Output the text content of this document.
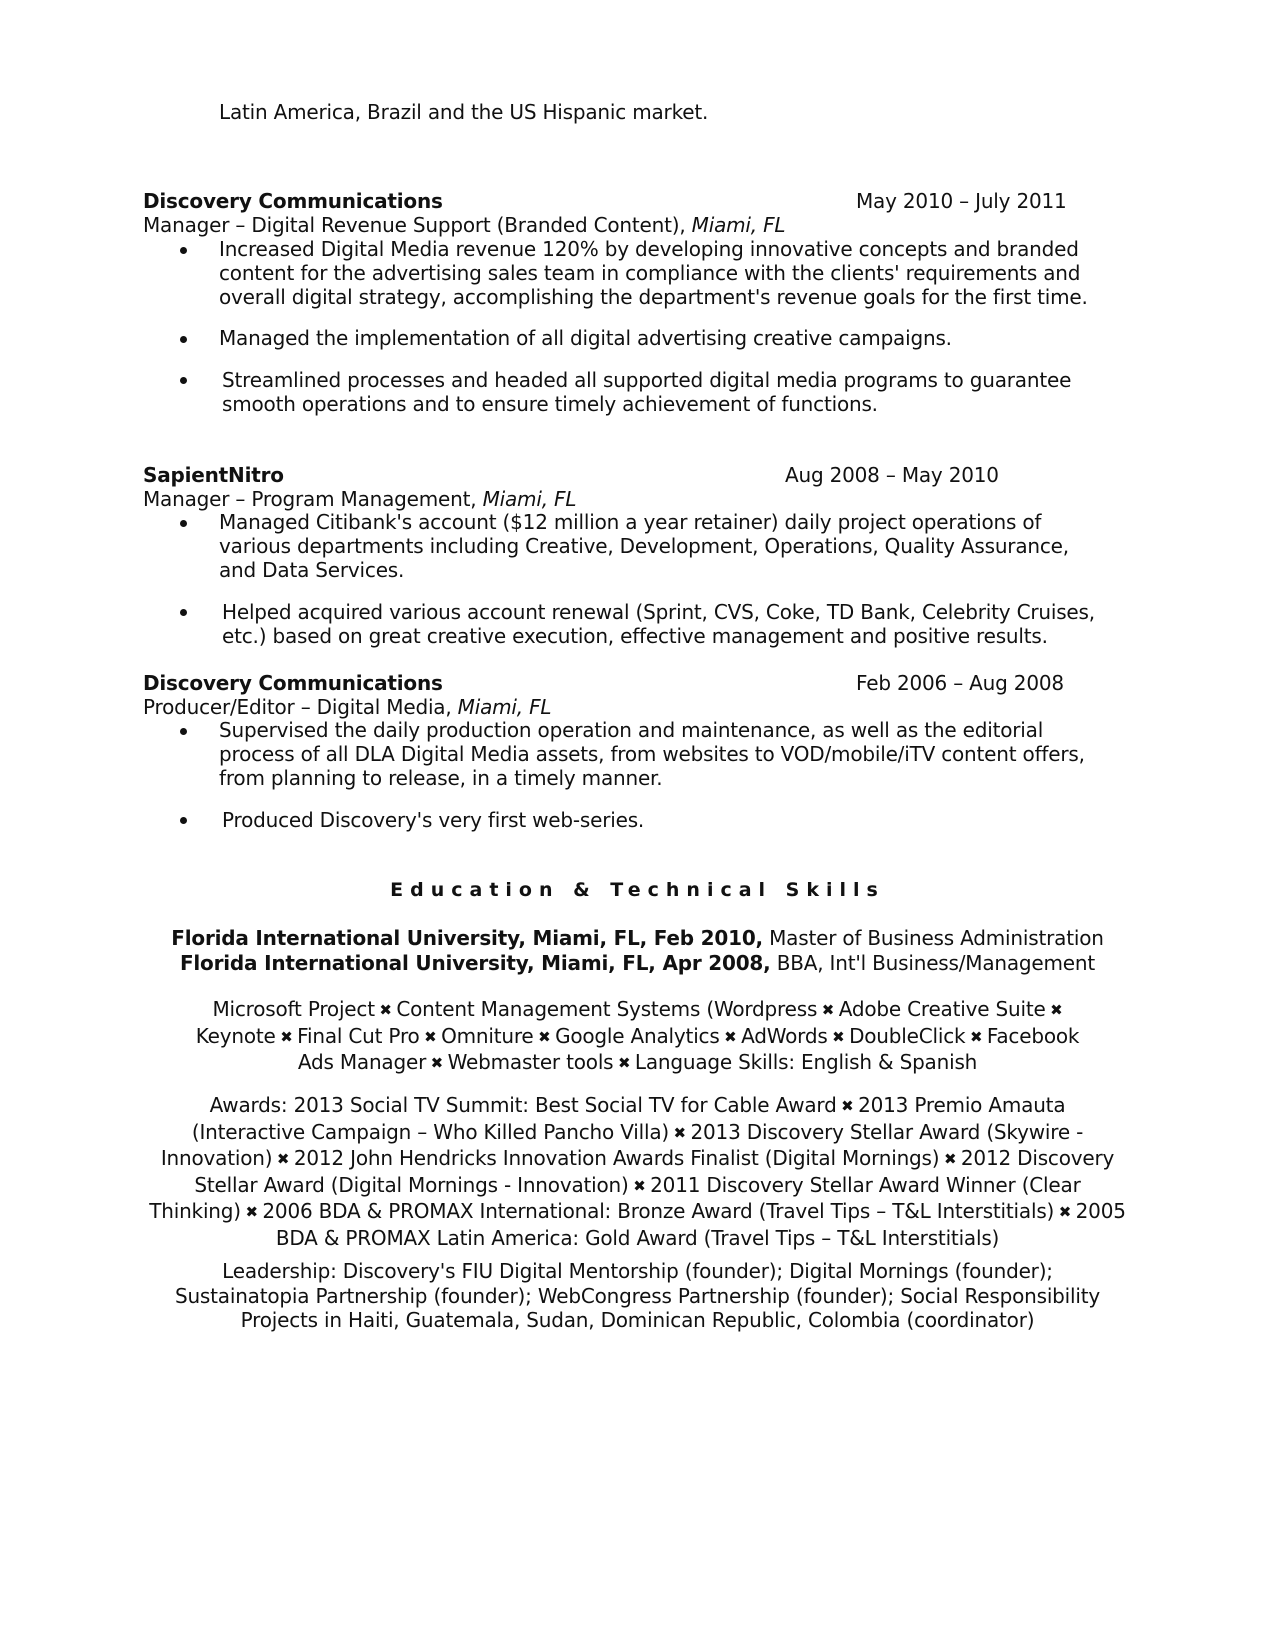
Latin America, Brazil and the US Hispanic market.
Discovery Communications	May 2010 – July 2011
Manager – Digital Revenue Support (Branded Content), Miami, FL
Increased Digital Media revenue 120% by developing innovative concepts and branded
content for the advertising sales team in compliance with the clients' requirements and
overall digital strategy, accomplishing the department's revenue goals for the first time.
Managed the implementation of all digital advertising creative campaigns.
Streamlined processes and headed all supported digital media programs to guarantee
smooth operations and to ensure timely achievement of functions.
SapientNitro	Aug 2008 – May 2010
Manager – Program Management, Miami, FL
Managed Citibank's account ($12 million a year retainer) daily project operations of
various departments including Creative, Development, Operations, Quality Assurance,
and Data Services.
Helped acquired various account renewal (Sprint, CVS, Coke, TD Bank, Celebrity Cruises,
etc.) based on great creative execution, effective management and positive results.
Discovery Communications	Feb 2006 – Aug 2008
Producer/Editor – Digital Media, Miami, FL
Supervised the daily production operation and maintenance, as well as the editorial
process of all DLA Digital Media assets, from websites to VOD/mobile/iTV content offers,
from planning to release, in a timely manner.
Produced Discovery's very first web-series.
Education & Technical Skills
Florida International University, Miami, FL, Feb 2010, Master of Business Administration
Florida International University, Miami, FL, Apr 2008, BBA, Int'l Business/Management
Microsoft Project ✖ Content Management Systems (Wordpress ✖ Adobe Creative Suite ✖
Keynote ✖ Final Cut Pro ✖ Omniture ✖ Google Analytics ✖ AdWords ✖ DoubleClick ✖ Facebook
Ads Manager ✖ Webmaster tools ✖ Language Skills: English & Spanish
Awards: 2013 Social TV Summit: Best Social TV for Cable Award ✖ 2013 Premio Amauta
(Interactive Campaign – Who Killed Pancho Villa) ✖ 2013 Discovery Stellar Award (Skywire -
Innovation) ✖ 2012 John Hendricks Innovation Awards Finalist (Digital Mornings) ✖ 2012 Discovery
Stellar Award (Digital Mornings - Innovation) ✖ 2011 Discovery Stellar Award Winner (Clear
Thinking) ✖ 2006 BDA & PROMAX International: Bronze Award (Travel Tips – T&L Interstitials) ✖ 2005
BDA & PROMAX Latin America: Gold Award (Travel Tips – T&L Interstitials)
Leadership: Discovery's FIU Digital Mentorship (founder); Digital Mornings (founder);
Sustainatopia Partnership (founder); WebCongress Partnership (founder); Social Responsibility
Projects in Haiti, Guatemala, Sudan, Dominican Republic, Colombia (coordinator)
